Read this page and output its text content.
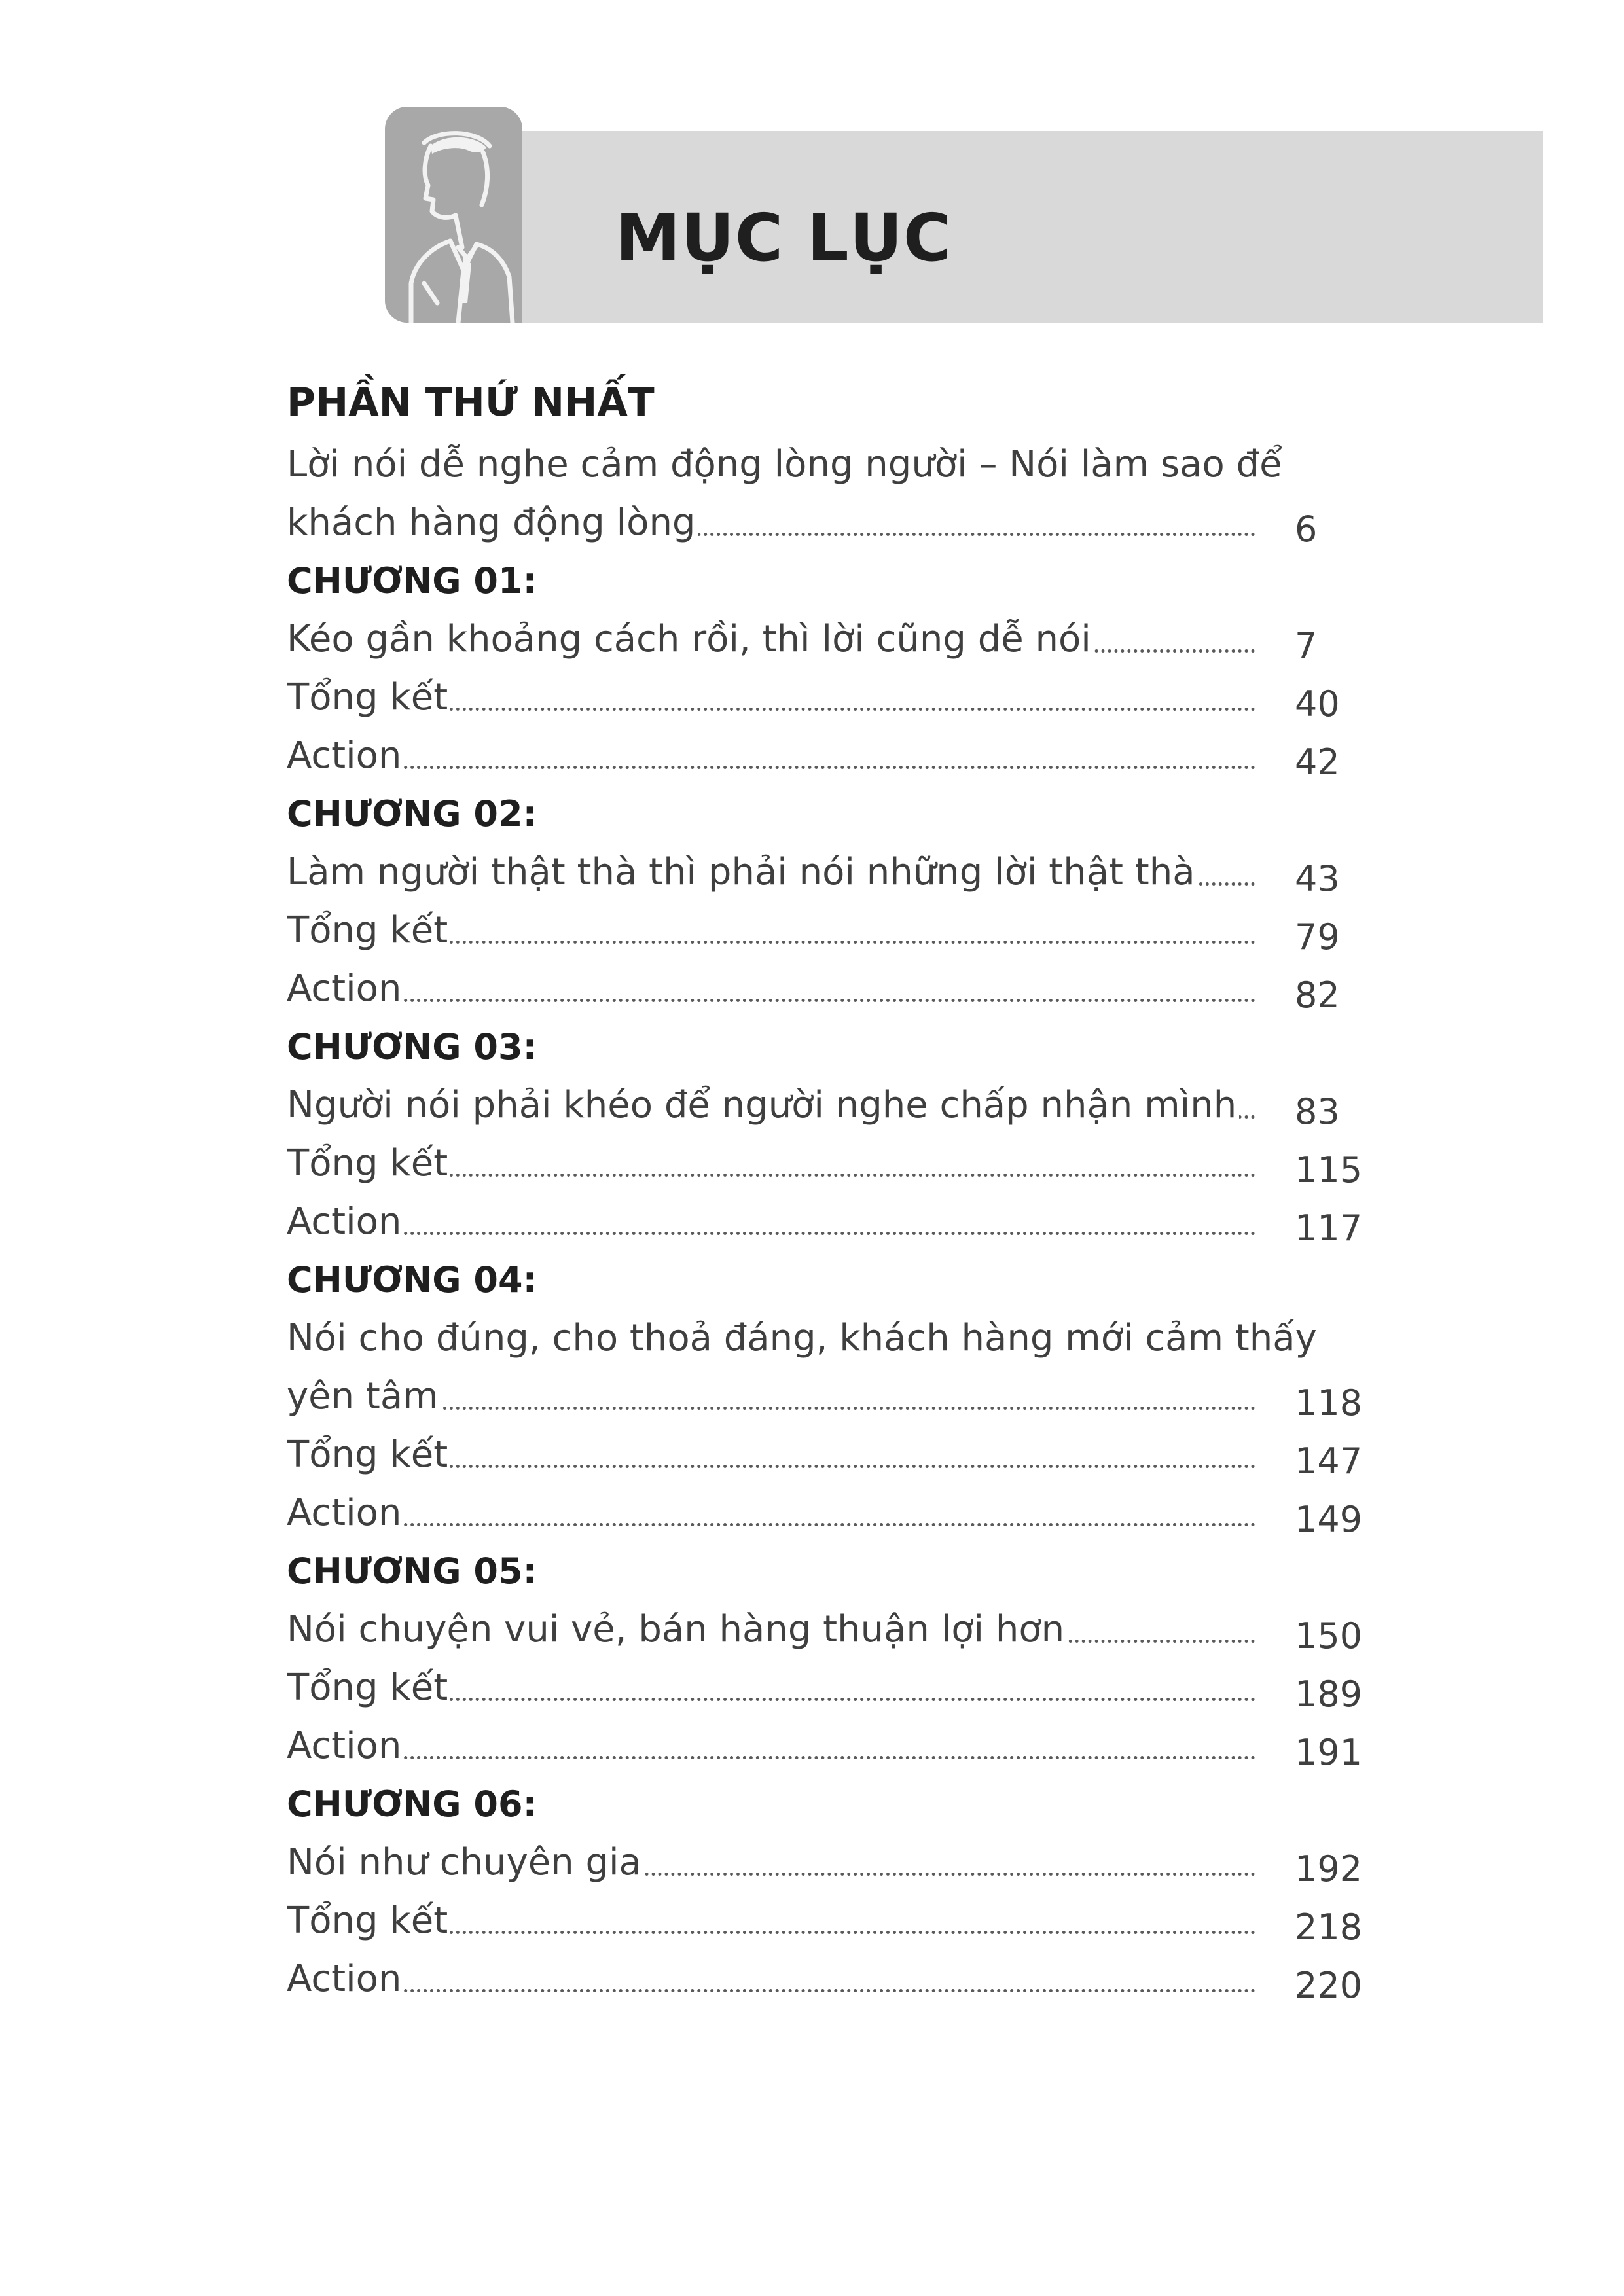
MỤC LỤC
PHẦN THỨ NHẤT
Lời nói dễ nghe cảm động lòng người – Nói làm sao để
khách hàng động lòng	6
CHƯƠNG 01:
Kéo gần khoảng cách rồi, thì lời cũng dễ nói	7
Tổng kết	40
Action	42
CHƯƠNG 02:
Làm người thật thà thì phải nói những lời thật thà	43
Tổng kết	79
Action	82
CHƯƠNG 03:
Người nói phải khéo để người nghe chấp nhận mình	83
Tổng kết	115
Action	117
CHƯƠNG 04:
Nói cho đúng, cho thoả đáng, khách hàng mới cảm thấy
yên tâm	118
Tổng kết	147
Action	149
CHƯƠNG 05:
Nói chuyện vui vẻ, bán hàng thuận lợi hơn	150
Tổng kết	189
Action	191
CHƯƠNG 06:
Nói như chuyên gia	192
Tổng kết	218
Action	220
